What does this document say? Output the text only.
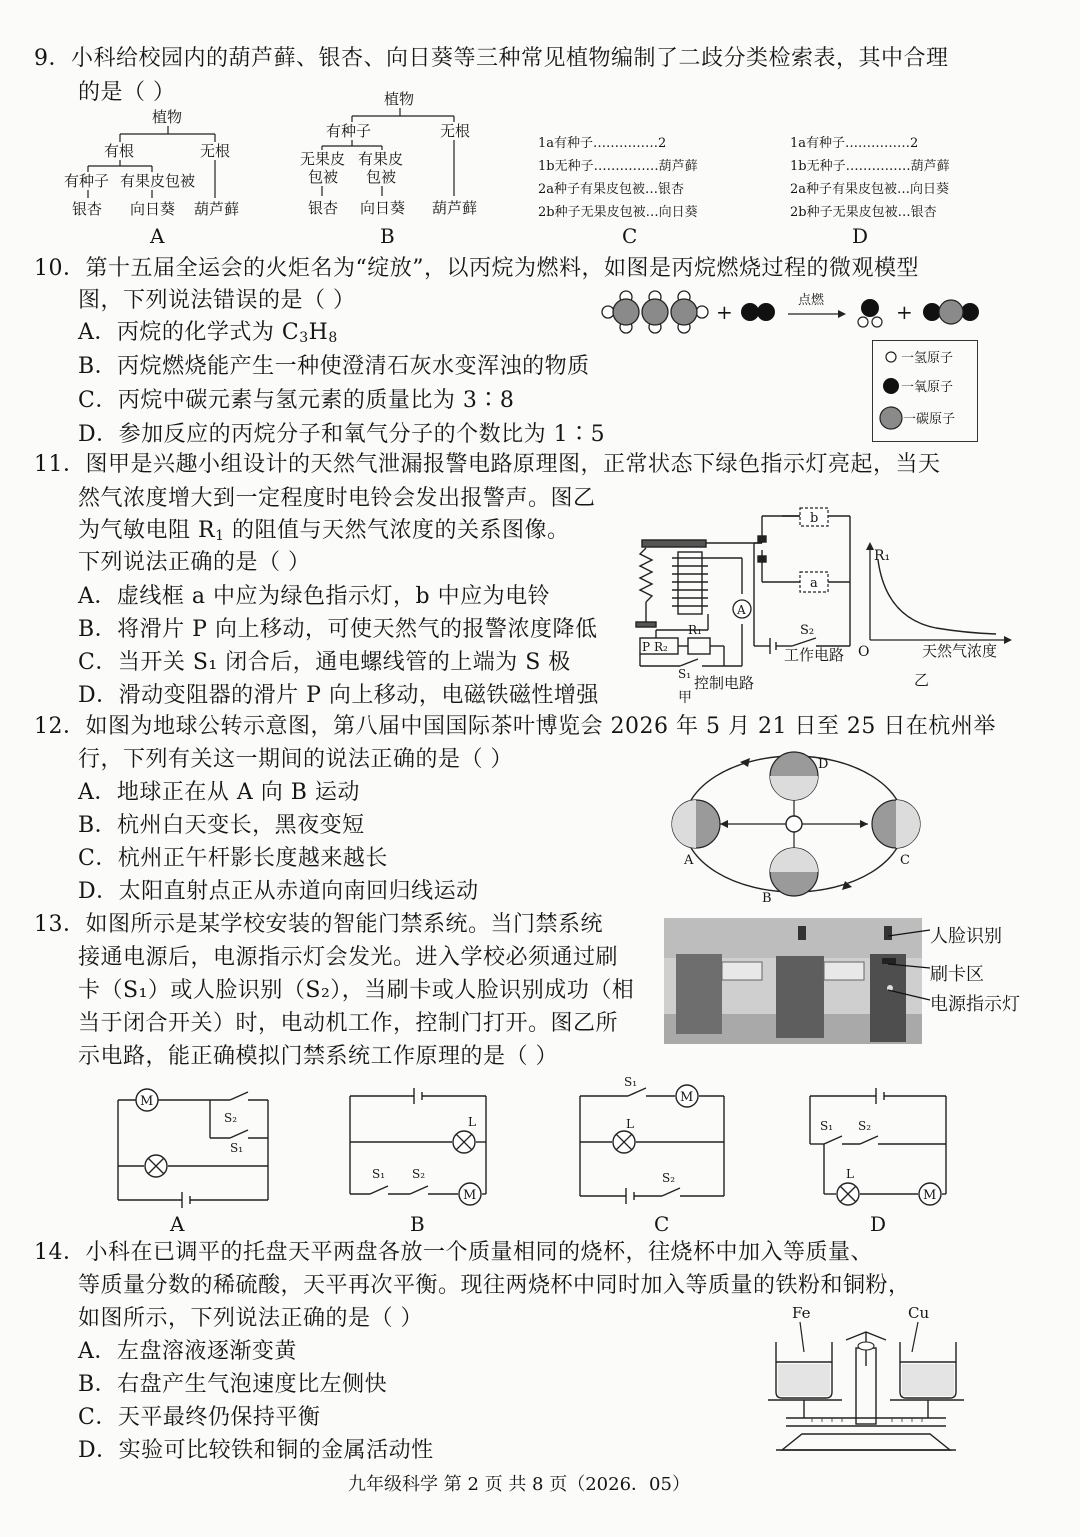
9．小科给校园内的葫芦藓、银杏、向日葵等三种常见植物编制了二歧分类检索表，其中合理
的是（ ）
植物
有根	无根
有种子 有果皮包被
银杏 向日葵 葫芦藓
A
植物
有种子	无根
无果皮
包被
有果皮
包被
银杏 向日葵 葫芦藓
B
1a有种子……………2
1b无种子……………葫芦藓
2a种子有果皮包被…银杏
2b种子无果皮包被…向日葵
C
1a有种子……………2
1b无种子……………葫芦藓
2a种子有果皮包被…向日葵
2b种子无果皮包被…银杏
D
10．第十五届全运会的火炬名为“绽放”，以丙烷为燃料，如图是丙烷燃烧过程的微观模型
图，下列说法错误的是（ ）
A．丙烷的化学式为 $C_3H_8$
B．丙烷燃烧能产生一种使澄清石灰水变浑浊的物质
C．丙烷中碳元素与氢元素的质量比为 3∶8
D．参加反应的丙烷分子和氧气分子的个数比为 1∶5
+	点燃	+
一氢原子
一氧原子
一碳原子
11．图甲是兴趣小组设计的天然气泄漏报警电路原理图，正常状态下绿色指示灯亮起，当天
然气浓度增大到一定程度时电铃会发出报警声。图乙
为气敏电阻 $R_1$ 的阻值与天然气浓度的关系图像。
下列说法正确的是（ ）
A．虚线框 a 中应为绿色指示灯，b 中应为电铃
B．将滑片 P 向上移动，可使天然气的报警浓度降低
C．当开关 S₁ 闭合后，通电螺线管的上端为 S 极
D．滑动变阻器的滑片 P 向上移动，电磁铁磁性增强
b
a
A
S₂
P R₂
R₁
S₁ 控制电路
工作电路
甲
R₁
O	天然气浓度
乙
12．如图为地球公转示意图，第八届中国国际茶叶博览会 2026 年 5 月 21 日至 25 日在杭州举
行，下列有关这一期间的说法正确的是（ ）
A．地球正在从 A 向 B 运动
B．杭州白天变长，黑夜变短
C．杭州正午杆影长度越来越长
D．太阳直射点正从赤道向南回归线运动
A
B
C
D
13．如图所示是某学校安装的智能门禁系统。当门禁系统
接通电源后，电源指示灯会发光。进入学校必须通过刷
卡（S₁）或人脸识别（S₂），当刷卡或人脸识别成功（相
当于闭合开关）时，电动机工作，控制门打开。图乙所
示电路，能正确模拟门禁系统工作原理的是（ ）
人脸识别
刷卡区
电源指示灯
M
S₂
S₁
A
L
S₁ S₂
M
B
S₁
M
L
S₂
C
S₁ S₂
L
M
D
14．小科在已调平的托盘天平两盘各放一个质量相同的烧杯，往烧杯中加入等质量、
等质量分数的稀硫酸，天平再次平衡。现往两烧杯中同时加入等质量的铁粉和铜粉，
如图所示，下列说法正确的是（ ）
A．左盘溶液逐渐变黄
B．右盘产生气泡速度比左侧快
C．天平最终仍保持平衡
D．实验可比较铁和铜的金属活动性
Fe	Cu
九年级科学 第 2 页 共 8 页（2026．05）
